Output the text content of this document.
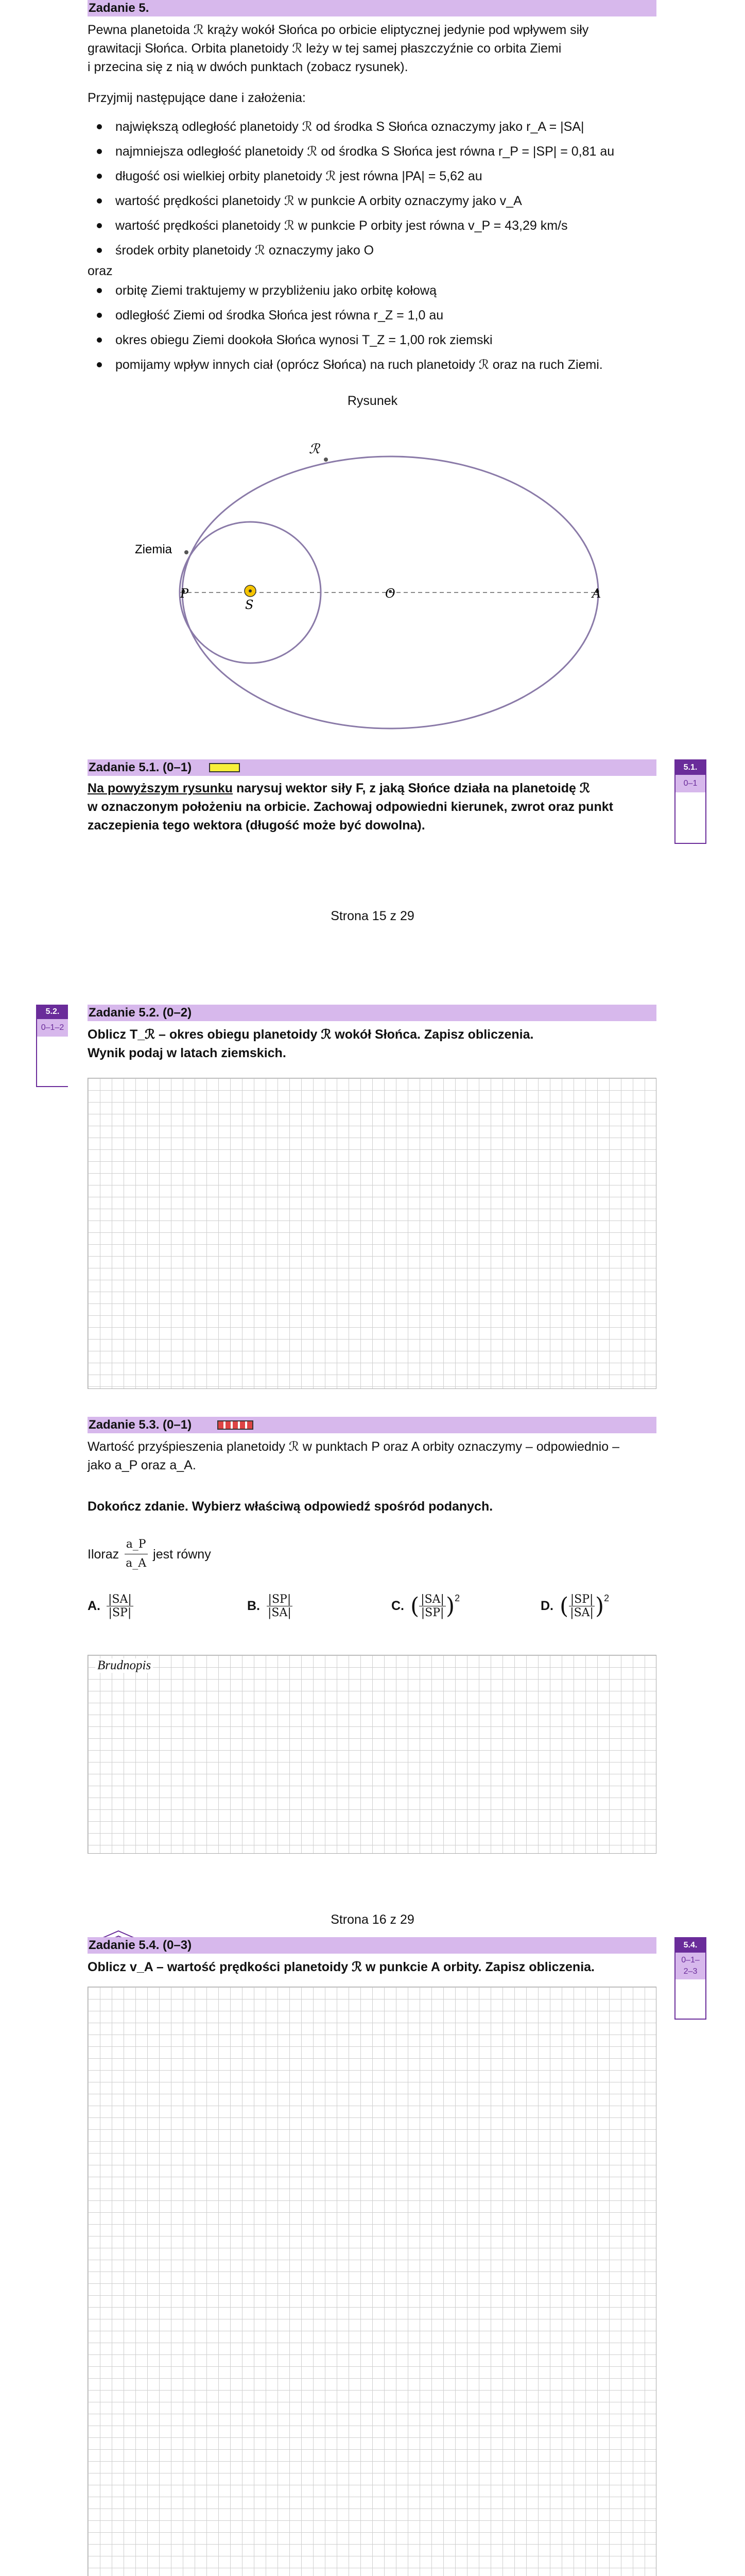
Zadanie 5.
Pewna planetoida ℛ krąży wokół Słońca po orbicie eliptycznej jedynie pod wpływem siły
grawitacji Słońca. Orbita planetoidy ℛ leży w tej samej płaszczyźnie co orbita Ziemi
i przecina się z nią w dwóch punktach (zobacz rysunek).
Przyjmij następujące dane i założenia:
największą odległość planetoidy ℛ od środka S Słońca oznaczymy jako r_A = |SA|
najmniejsza odległość planetoidy ℛ od środka S Słońca jest równa r_P = |SP| = 0,81 au
długość osi wielkiej orbity planetoidy ℛ jest równa |PA| = 5,62 au
wartość prędkości planetoidy ℛ w punkcie A orbity oznaczymy jako v_A
wartość prędkości planetoidy ℛ w punkcie P orbity jest równa v_P = 43,29 km/s
środek orbity planetoidy ℛ oznaczymy jako O
oraz
orbitę Ziemi traktujemy w przybliżeniu jako orbitę kołową
odległość Ziemi od środka Słońca jest równa r_Z = 1,0 au
okres obiegu Ziemi dookoła Słońca wynosi T_Z = 1,00 rok ziemski
pomijamy wpływ innych ciał (oprócz Słońca) na ruch planetoidy ℛ oraz na ruch Ziemi.
Rysunek
ℛ
Ziemia
P
S
O	A
Zadanie 5.1. (0–1)
Na powyższym rysunku narysuj wektor siły F, z jaką Słońce działa na planetoidę ℛ
w oznaczonym położeniu na orbicie. Zachowaj odpowiedni kierunek, zwrot oraz punkt
zaczepienia tego wektora (długość może być dowolna).
5.1.
0–1
Strona 15 z 29
Zadanie 5.2. (0–2)
5.2.
0–1–2	Oblicz T_ℛ – okres obiegu planetoidy ℛ wokół Słońca. Zapisz obliczenia.
Wynik podaj w latach ziemskich.
Zadanie 5.3. (0–1)
Wartość przyśpieszenia planetoidy ℛ w punktach P oraz A orbity oznaczymy – odpowiednio –
jako a_P oraz a_A.
Dokończ zdanie. Wybierz właściwą odpowiedź spośród podanych.
Iloraz $\frac{a\_P}{a\_A}$ jest równy
A. $\frac{|SA|}{|SP|}$	B. $\frac{|SP|}{|SA|}$	C. ( $\frac{|SA|}{|SP|} )^2$
D. ( $\frac{|SP|}{|SA|} )^2$
Brudnopis
Strona 16 z 29
Zadanie 5.4. (0–3)	5.4.
0–1–
2–3
Oblicz v_A – wartość prędkości planetoidy ℛ w punkcie A orbity. Zapisz obliczenia.
